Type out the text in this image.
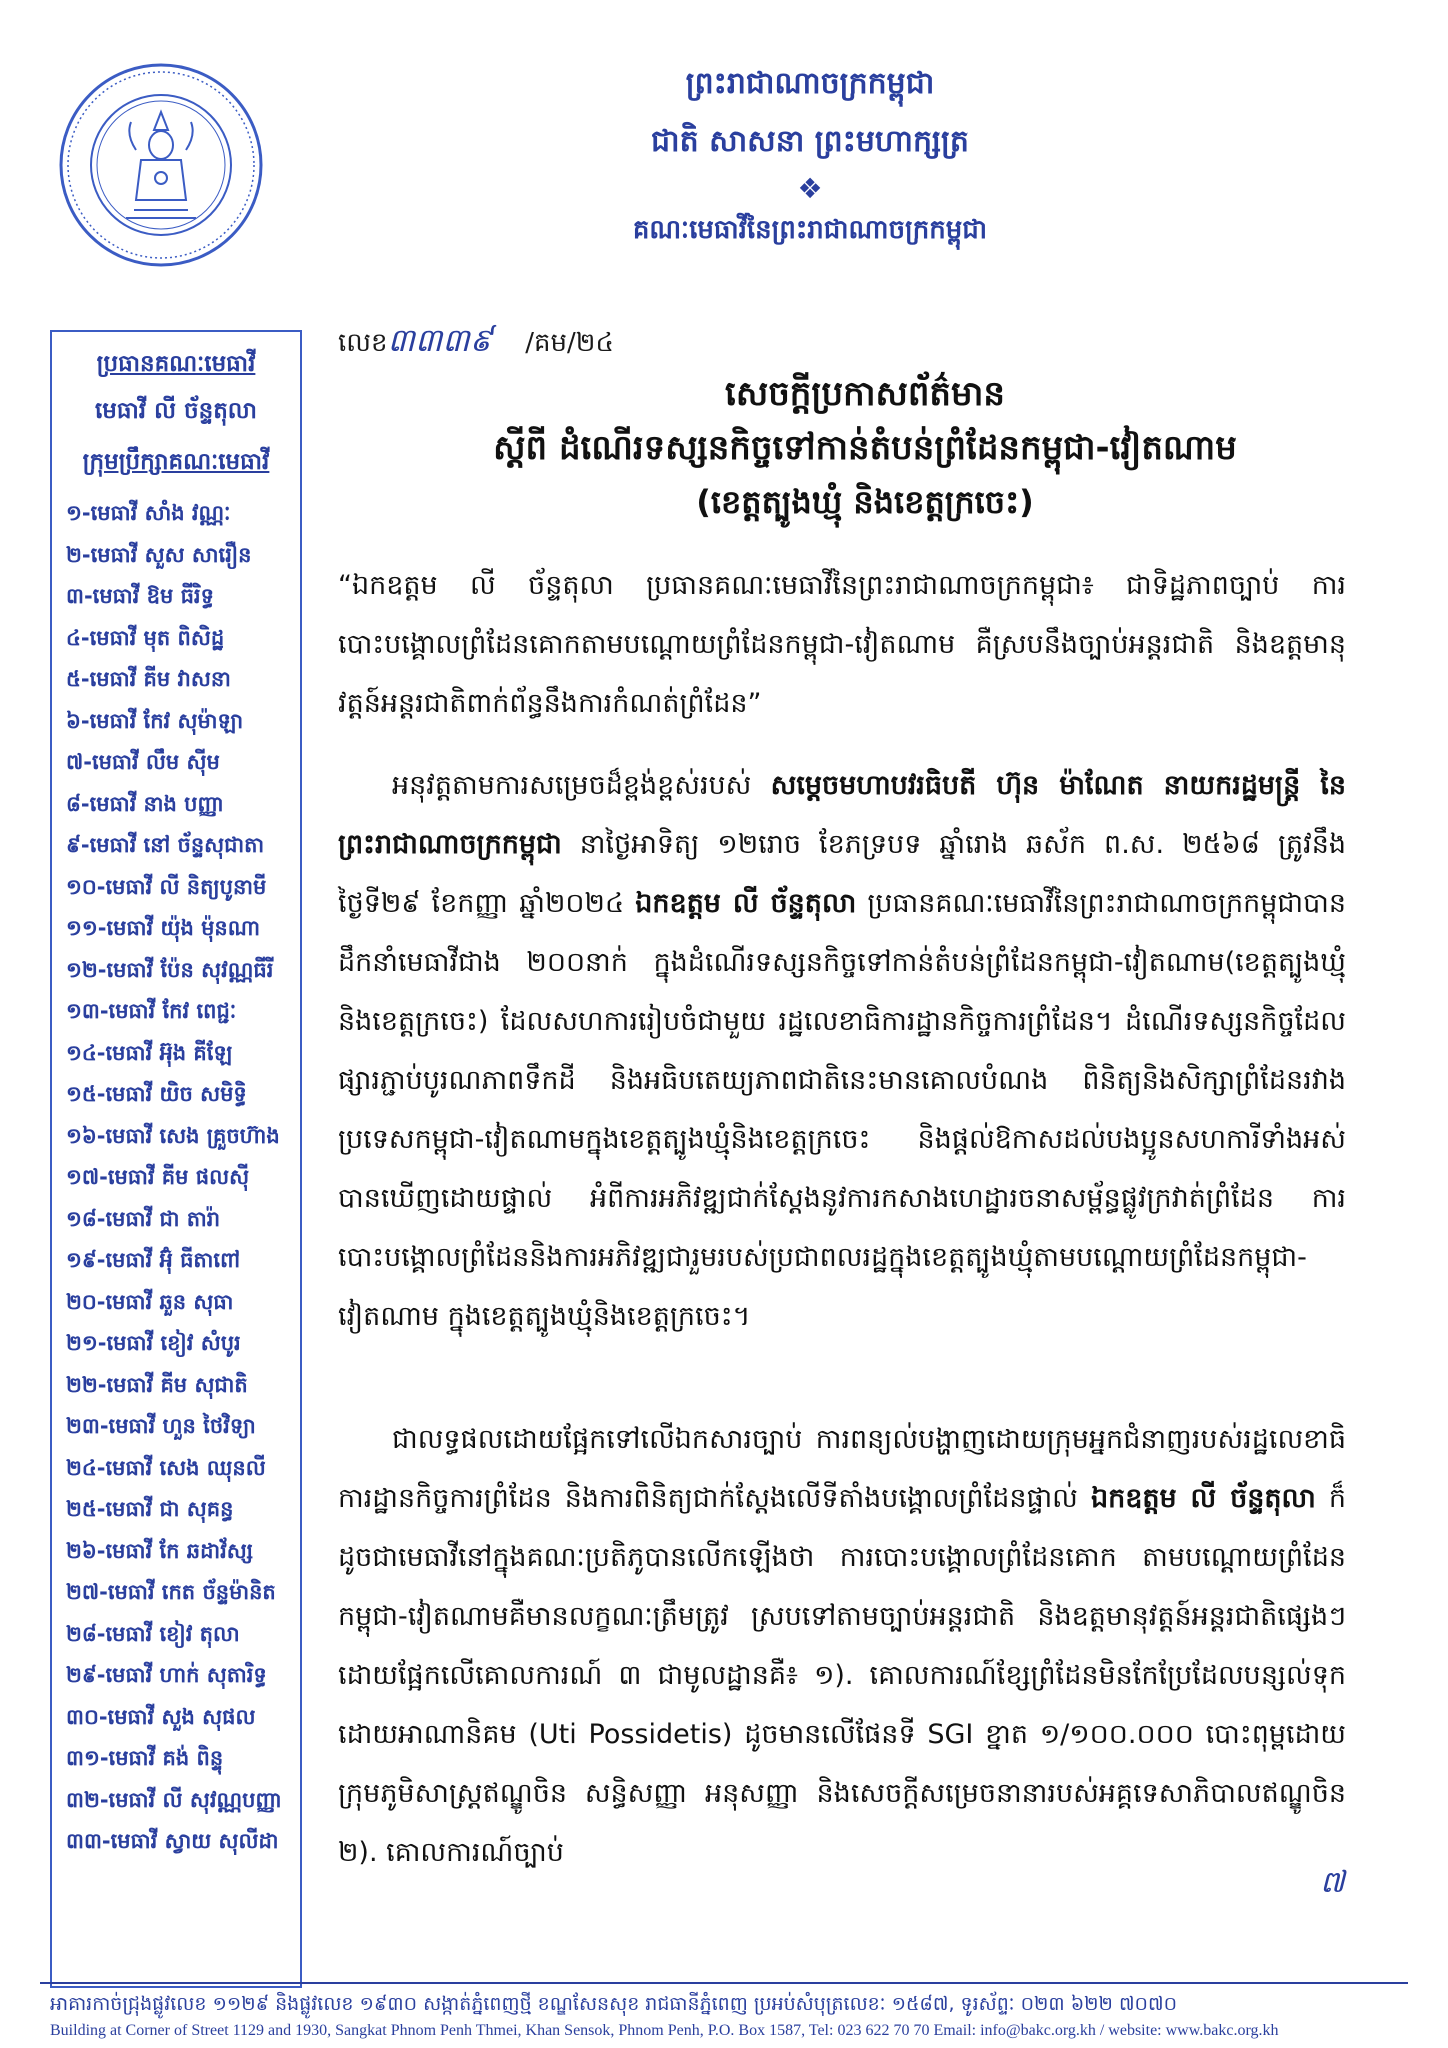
ព្រះរាជាណាចក្រកម្ពុជា
ជាតិ សាសនា ព្រះមហាក្សត្រ
❖
គណៈមេធាវីនៃព្រះរាជាណាចក្រកម្ពុជា
ប្រធានគណៈមេធាវី
មេធាវី លី ច័ន្ទតុលា
ក្រុមប្រឹក្សាគណៈមេធាវី
១-មេធាវី សាំង វណ្ណៈ
២-មេធាវី សួស សារឿន
៣-មេធាវី ឱម ធីរិទ្ធ
៤-មេធាវី មុត ពិសិដ្ឋ
៥-មេធាវី គីម វាសនា
៦-មេធាវី កែវ សុម៉ាឡា
៧-មេធាវី លឹម ស៊ីម
៨-មេធាវី នាង បញ្ញា
៩-មេធាវី នៅ ច័ន្ទសុជាតា
១០-មេធាវី លី និត្យបូនាមី
១១-មេធាវី យ៉ុង ម៉ុនណា
១២-មេធាវី ប៉ែន សុវណ្ណធីរី
១៣-មេធាវី កែវ ពេជ្ជៈ
១៤-មេធាវី អ៊ុង គីឡែ
១៥-មេធាវី យិច សមិទ្ធិ
១៦-មេធាវី សេង គ្រួចហ៊ាង
១៧-មេធាវី គីម ផលស៊ី
១៨-មេធាវី ជា តារ៉ា
១៩-មេធាវី អ៊ុំ ធីតាពៅ
២០-មេធាវី ឆួន សុធា
២១-មេធាវី ខៀវ សំបូរ
២២-មេធាវី គីម សុជាតិ
២៣-មេធាវី ហួន ថៃវិទ្យា
២៤-មេធាវី សេង ឈុនលី
២៥-មេធាវី ជា សុគន្ធ
២៦-មេធាវី កែ ឆដាវ័ស្ស
២៧-មេធាវី កេត ច័ន្ទម៉ានិត
២៨-មេធាវី ខៀវ តុលា
២៩-មេធាវី ហាក់ សុតារិទ្ធ
៣០-មេធាវី សួង សុផល
៣១-មេធាវី គង់ ពិន្ទុ
៣២-មេធាវី លី សុវណ្ណបញ្ញា
៣៣-មេធាវី ស្វាយ សុលីដា
លេខ៣៣៣៩ /គម/២៤
សេចក្តីប្រកាសព័ត៌មាន
ស្តីពី ដំណើរទស្សនកិច្ចទៅកាន់តំបន់ព្រំដែនកម្ពុជា-វៀតណាម
(ខេត្តត្បូងឃ្មុំ និងខេត្តក្រចេះ)
“ឯកឧត្តម លី ច័ន្ទតុលា ប្រធានគណៈមេធាវីនៃព្រះរាជាណាចក្រកម្ពុជា៖ ជាទិដ្ឋភាពច្បាប់ ការបោះបង្គោលព្រំដែនគោកតាមបណ្តោយព្រំដែនកម្ពុជា-វៀតណាម គឺស្របនឹងច្បាប់អន្តរជាតិ និងឧត្តមានុវត្តន៍អន្តរជាតិពាក់ព័ន្ធនឹងការកំណត់ព្រំដែន”
អនុវត្តតាមការសម្រេចដ៏ខ្ពង់ខ្ពស់របស់ សម្តេចមហាបវរធិបតី ហ៊ុន ម៉ាណែត នាយករដ្ឋមន្ត្រី នៃព្រះរាជាណាចក្រកម្ពុជា នាថ្ងៃអាទិត្យ ១២រោច ខែភទ្របទ ឆ្នាំរោង ឆស័ក ព.ស. ២៥៦៨ ត្រូវនឹងថ្ងៃទី២៩ ខែកញ្ញា ឆ្នាំ២០២៤ ឯកឧត្តម លី ច័ន្ទតុលា ប្រធានគណៈមេធាវីនៃព្រះរាជាណាចក្រកម្ពុជាបានដឹកនាំមេធាវីជាង ២០០នាក់ ក្នុងដំណើរទស្សនកិច្ចទៅកាន់តំបន់ព្រំដែនកម្ពុជា-វៀតណាម(ខេត្តត្បូងឃ្មុំ និងខេត្តក្រចេះ) ដែលសហការរៀបចំជាមួយ រដ្ឋលេខាធិការដ្ឋានកិច្ចការព្រំដែន។ ដំណើរទស្សនកិច្ចដែលផ្សារភ្ជាប់បូរណភាពទឹកដី និងអធិបតេយ្យភាពជាតិនេះមានគោលបំណង ពិនិត្យនិងសិក្សាព្រំដែនរវាងប្រទេសកម្ពុជា-វៀតណាមក្នុងខេត្តត្បូងឃ្មុំនិងខេត្តក្រចេះ និងផ្តល់ឱកាសដល់បងប្អូនសហការីទាំងអស់បានឃើញដោយផ្ទាល់ អំពីការអភិវឌ្ឍជាក់ស្តែងនូវការកសាងហេដ្ឋារចនាសម្ព័ន្ធផ្លូវក្រវាត់ព្រំដែន ការបោះបង្គោលព្រំដែននិងការអភិវឌ្ឍជារួមរបស់ប្រជាពលរដ្ឋក្នុងខេត្តត្បូងឃ្មុំតាមបណ្តោយព្រំដែនកម្ពុជា-វៀតណាម ក្នុងខេត្តត្បូងឃ្មុំនិងខេត្តក្រចេះ។
ជាលទ្ធផលដោយផ្អែកទៅលើឯកសារច្បាប់ ការពន្យល់បង្ហាញដោយក្រុមអ្នកជំនាញរបស់រដ្ឋលេខាធិការដ្ឋានកិច្ចការព្រំដែន និងការពិនិត្យជាក់ស្តែងលើទីតាំងបង្គោលព្រំដែនផ្ទាល់ ឯកឧត្តម លី ច័ន្ទតុលា ក៏ដូចជាមេធាវីនៅក្នុងគណៈប្រតិភូបានលើកឡើងថា ការបោះបង្គោលព្រំដែនគោក តាមបណ្តោយព្រំដែនកម្ពុជា-វៀតណាមគឺមានលក្ខណៈត្រឹមត្រូវ ស្របទៅតាមច្បាប់អន្តរជាតិ និងឧត្តមានុវត្តន៍អន្តរជាតិផ្សេងៗដោយផ្អែកលើគោលការណ៍ ៣ ជាមូលដ្ឋានគឺ៖ ១). គោលការណ៍ខ្សែព្រំដែនមិនកែប្រែដែលបន្សល់ទុកដោយអាណានិគម (Uti Possidetis) ដូចមានលើផែនទី SGI ខ្នាត ១/១០០.០០០ បោះពុម្ពដោយក្រុមភូមិសាស្ត្រឥណ្ឌូចិន សន្ធិសញ្ញា អនុសញ្ញា និងសេចក្តីសម្រេចនានារបស់អគ្គទេសាភិបាលឥណ្ឌូចិន ២). គោលការណ៍ច្បាប់
៧
អាគារកាច់ជ្រុងផ្លូវលេខ ១១២៩ និងផ្លូវលេខ ១៩៣០ សង្កាត់ភ្នំពេញថ្មី ខណ្ឌសែនសុខ រាជធានីភ្នំពេញ ប្រអប់សំបុត្រលេខៈ ១៥៨៧, ទូរស័ព្ទៈ ០២៣ ៦២២ ៧០៧០
Building at Corner of Street 1129 and 1930, Sangkat Phnom Penh Thmei, Khan Sensok, Phnom Penh, P.O. Box 1587, Tel: 023 622 70 70 Email: info@bakc.org.kh / website: www.bakc.org.kh
